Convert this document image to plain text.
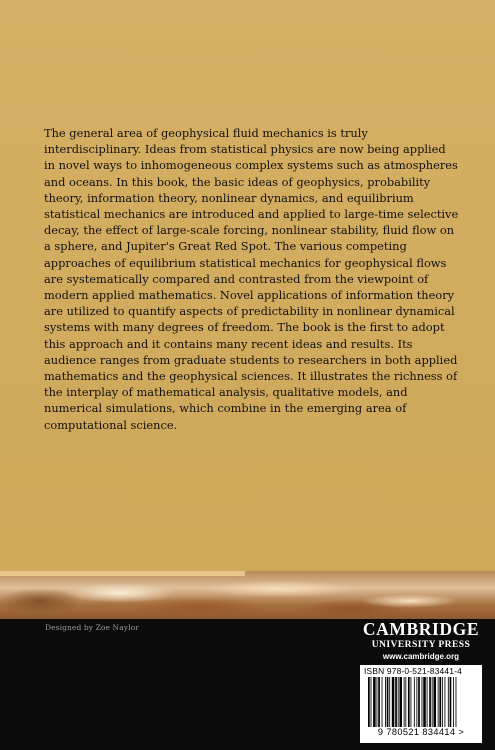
The general area of geophysical fluid mechanics is truly interdisciplinary. Ideas from statistical physics are now being applied in novel ways to inhomogeneous complex systems such as atmospheres and oceans. In this book, the basic ideas of geophysics, probability theory, information theory, nonlinear dynamics, and equilibrium statistical mechanics are introduced and applied to large-time selective decay, the effect of large-scale forcing, nonlinear stability, fluid flow on a sphere, and Jupiter's Great Red Spot. The various competing approaches of equilibrium statistical mechanics for geophysical flows are systematically compared and contrasted from the viewpoint of modern applied mathematics. Novel applications of information theory are utilized to quantify aspects of predictability in nonlinear dynamical systems with many degrees of freedom. The book is the first to adopt this approach and it contains many recent ideas and results. Its audience ranges from graduate students to researchers in both applied mathematics and the geophysical sciences. It illustrates the richness of the interplay of mathematical analysis, qualitative models, and numerical simulations, which combine in the emerging area of computational science.

Designed by Zoe Naylor	CAMBRIDGE
UNIVERSITY PRESS
www.cambridge.org
ISBN 978-0-521-83441-4
9 780521 834414 >
